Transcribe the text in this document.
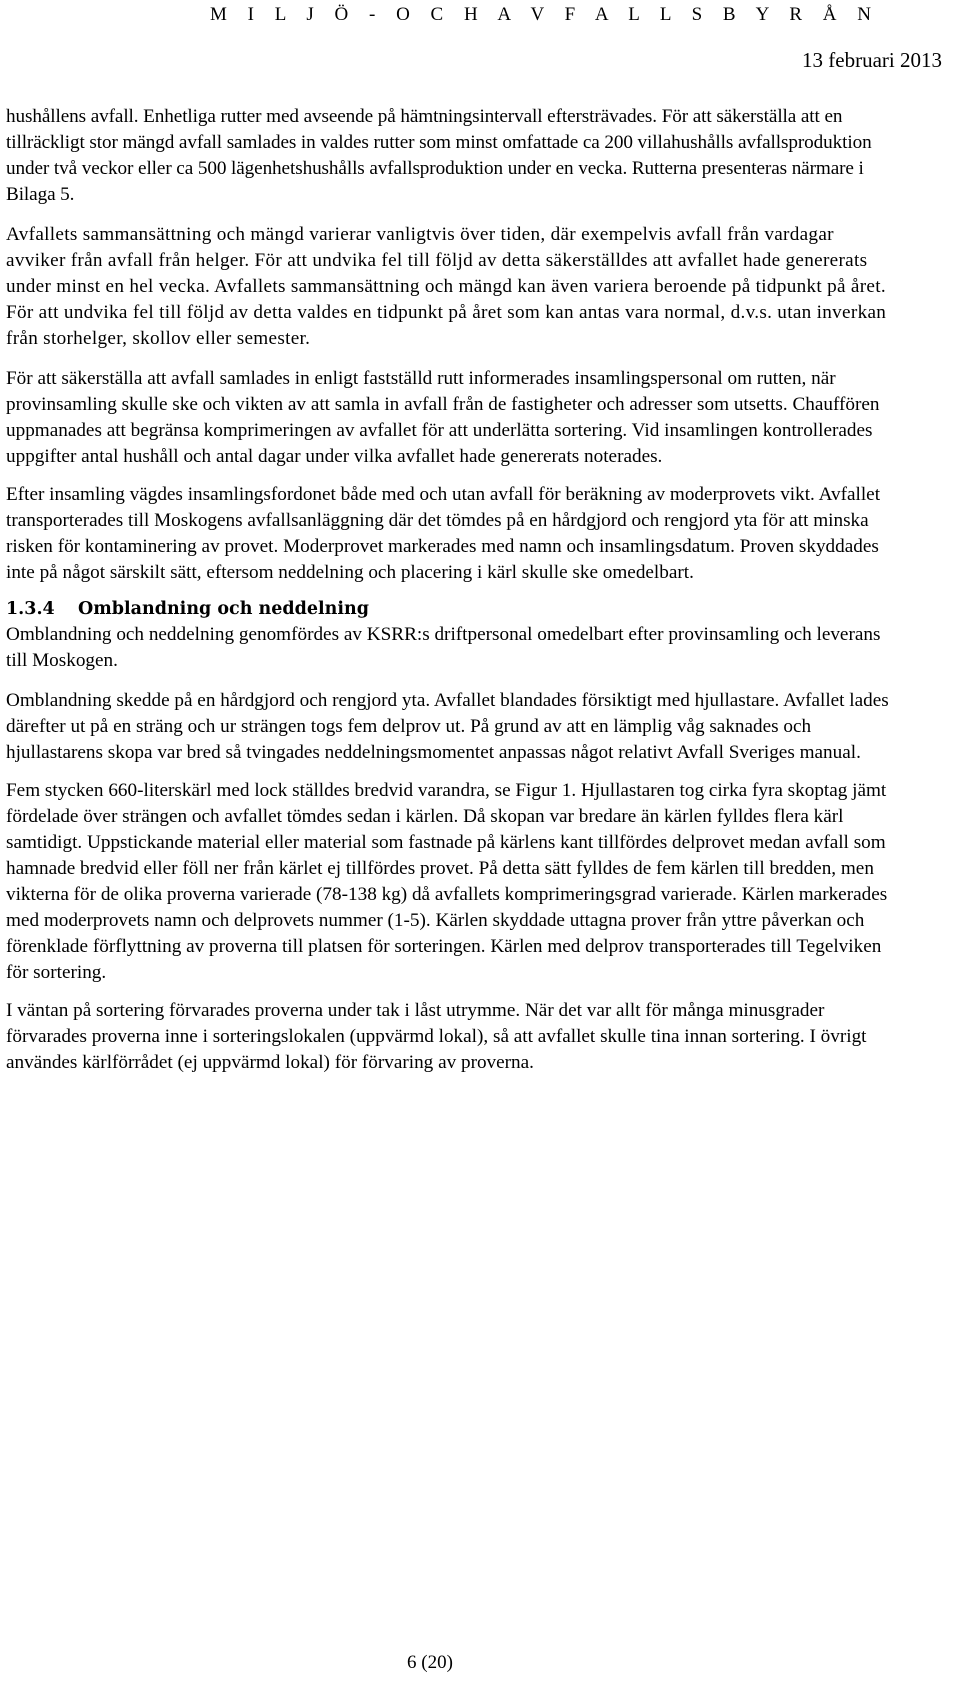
M I L J Ö - O C H A V F A L L S B Y R Å N
13 februari 2013

hushållens avfall. Enhetliga rutter med avseende på hämtningsintervall eftersträvades. För att säkerställa att en tillräckligt stor mängd avfall samlades in valdes rutter som minst omfattade ca 200 villahushålls avfallsproduktion under två veckor eller ca 500 lägenhetshushålls avfallsproduktion under en vecka. Rutterna presenteras närmare i Bilaga 5.

Avfallets sammansättning och mängd varierar vanligtvis över tiden, där exempelvis avfall från vardagar avviker från avfall från helger. För att undvika fel till följd av detta säkerställdes att avfallet hade genererats under minst en hel vecka. Avfallets sammansättning och mängd kan även variera beroende på tidpunkt på året. För att undvika fel till följd av detta valdes en tidpunkt på året som kan antas vara normal, d.v.s. utan inverkan från storhelger, skollov eller semester.

För att säkerställa att avfall samlades in enligt fastställd rutt informerades insamlingspersonal om rutten, när provinsamling skulle ske och vikten av att samla in avfall från de fastigheter och adresser som utsetts. Chauffören uppmanades att begränsa komprimeringen av avfallet för att underlätta sortering. Vid insamlingen kontrollerades uppgifter antal hushåll och antal dagar under vilka avfallet hade genererats noterades.

Efter insamling vägdes insamlingsfordonet både med och utan avfall för beräkning av moderprovets vikt. Avfallet transporterades till Moskogens avfallsanläggning där det tömdes på en hårdgjord och rengjord yta för att minska risken för kontaminering av provet. Moderprovet markerades med namn och insamlingsdatum. Proven skyddades inte på något särskilt sätt, eftersom neddelning och placering i kärl skulle ske omedelbart.

1.3.4 Omblandning och neddelning

Omblandning och neddelning genomfördes av KSRR:s driftpersonal omedelbart efter provinsamling och leverans till Moskogen.

Omblandning skedde på en hårdgjord och rengjord yta. Avfallet blandades försiktigt med hjullastare. Avfallet lades därefter ut på en sträng och ur strängen togs fem delprov ut. På grund av att en lämplig våg saknades och hjullastarens skopa var bred så tvingades neddelningsmomentet anpassas något relativt Avfall Sveriges manual.

Fem stycken 660-literskärl med lock ställdes bredvid varandra, se Figur 1. Hjullastaren tog cirka fyra skoptag jämt fördelade över strängen och avfallet tömdes sedan i kärlen. Då skopan var bredare än kärlen fylldes flera kärl samtidigt. Uppstickande material eller material som fastnade på kärlens kant tillfördes delprovet medan avfall som hamnade bredvid eller föll ner från kärlet ej tillfördes provet. På detta sätt fylldes de fem kärlen till bredden, men vikterna för de olika proverna varierade (78-138 kg) då avfallets komprimeringsgrad varierade. Kärlen markerades med moderprovets namn och delprovets nummer (1-5). Kärlen skyddade uttagna prover från yttre påverkan och förenklade förflyttning av proverna till platsen för sorteringen. Kärlen med delprov transporterades till Tegelviken för sortering.

I väntan på sortering förvarades proverna under tak i låst utrymme. När det var allt för många minusgrader förvarades proverna inne i sorteringslokalen (uppvärmd lokal), så att avfallet skulle tina innan sortering. I övrigt användes kärlförrådet (ej uppvärmd lokal) för förvaring av proverna.

6 (20)
